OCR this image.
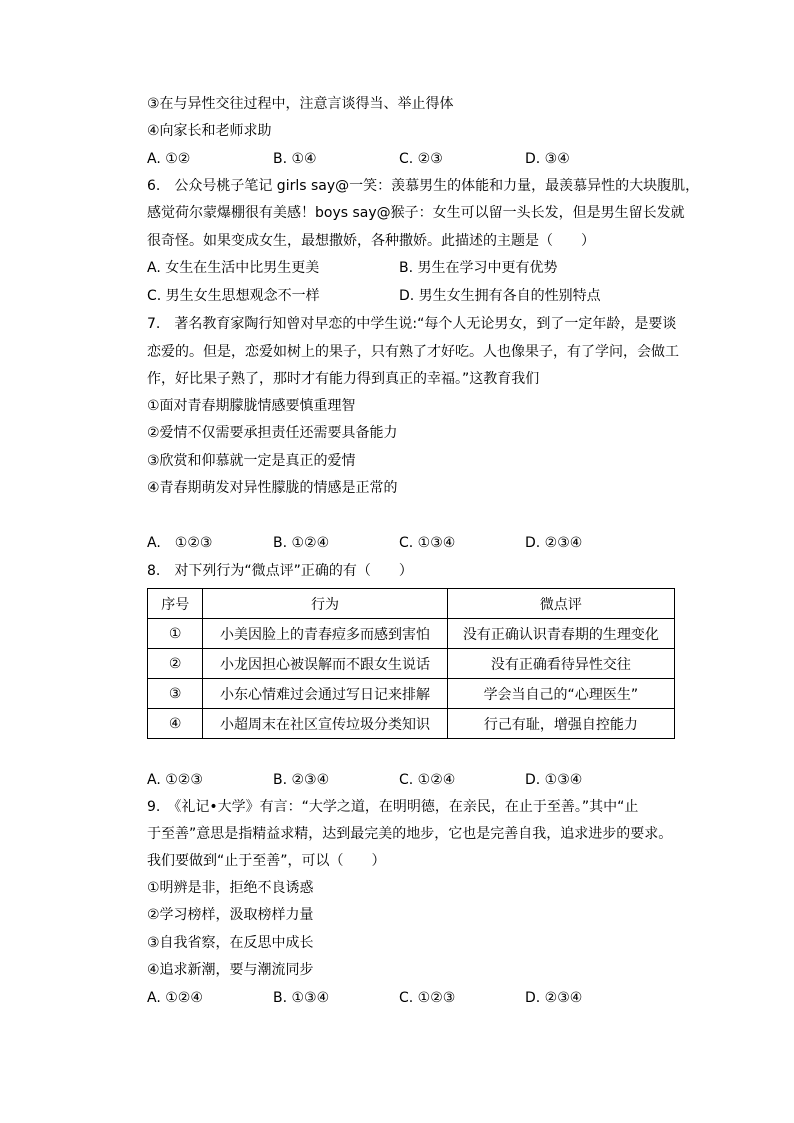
③在与异性交往过程中，注意言谈得当、举止得体
④向家长和老师求助
A. ①②	B. ①④	C. ②③	D. ③④
6.　公众号桃子笔记 girls say@一笑：羡慕男生的体能和力量，最羡慕异性的大块腹肌，
感觉荷尔蒙爆棚很有美感！boys say@猴子：女生可以留一头长发，但是男生留长发就
很奇怪。如果变成女生，最想撒娇，各种撒娇。此描述的主题是（　　）
A. 女生在生活中比男生更美	B. 男生在学习中更有优势
C. 男生女生思想观念不一样	D. 男生女生拥有各自的性别特点
7.　著名教育家陶行知曾对早恋的中学生说:“每个人无论男女，到了一定年龄，是要谈
恋爱的。但是，恋爱如树上的果子，只有熟了才好吃。人也像果子，有了学问，会做工
作，好比果子熟了，那时才有能力得到真正的幸福。”这教育我们
①面对青春期朦胧情感要慎重理智
②爱情不仅需要承担责任还需要具备能力
③欣赏和仰慕就一定是真正的爱情
④青春期萌发对异性朦胧的情感是正常的
A.　①②③	B. ①②④	C. ①③④	D. ②③④
8.　对下列行为“微点评”正确的有（　　）
序号	行为	微点评
①	小美因脸上的青春痘多而感到害怕	没有正确认识青春期的生理变化
②	小龙因担心被误解而不跟女生说话	没有正确看待异性交往
③	小东心情难过会通过写日记来排解	学会当自己的“心理医生”
④	小超周末在社区宣传垃圾分类知识	行己有耻，增强自控能力
A. ①②③	B. ②③④	C. ①②④	D. ①③④
9.　《礼记•大学》有言：“大学之道，在明明德，在亲民，在止于至善。”其中“止
于至善”意思是指精益求精，达到最完美的地步，它也是完善自我，追求进步的要求。
我们要做到“止于至善”，可以（　　）
①明辨是非，拒绝不良诱惑
②学习榜样，汲取榜样力量
③自我省察，在反思中成长
④追求新潮，要与潮流同步
A. ①②④	B. ①③④	C. ①②③	D. ②③④
